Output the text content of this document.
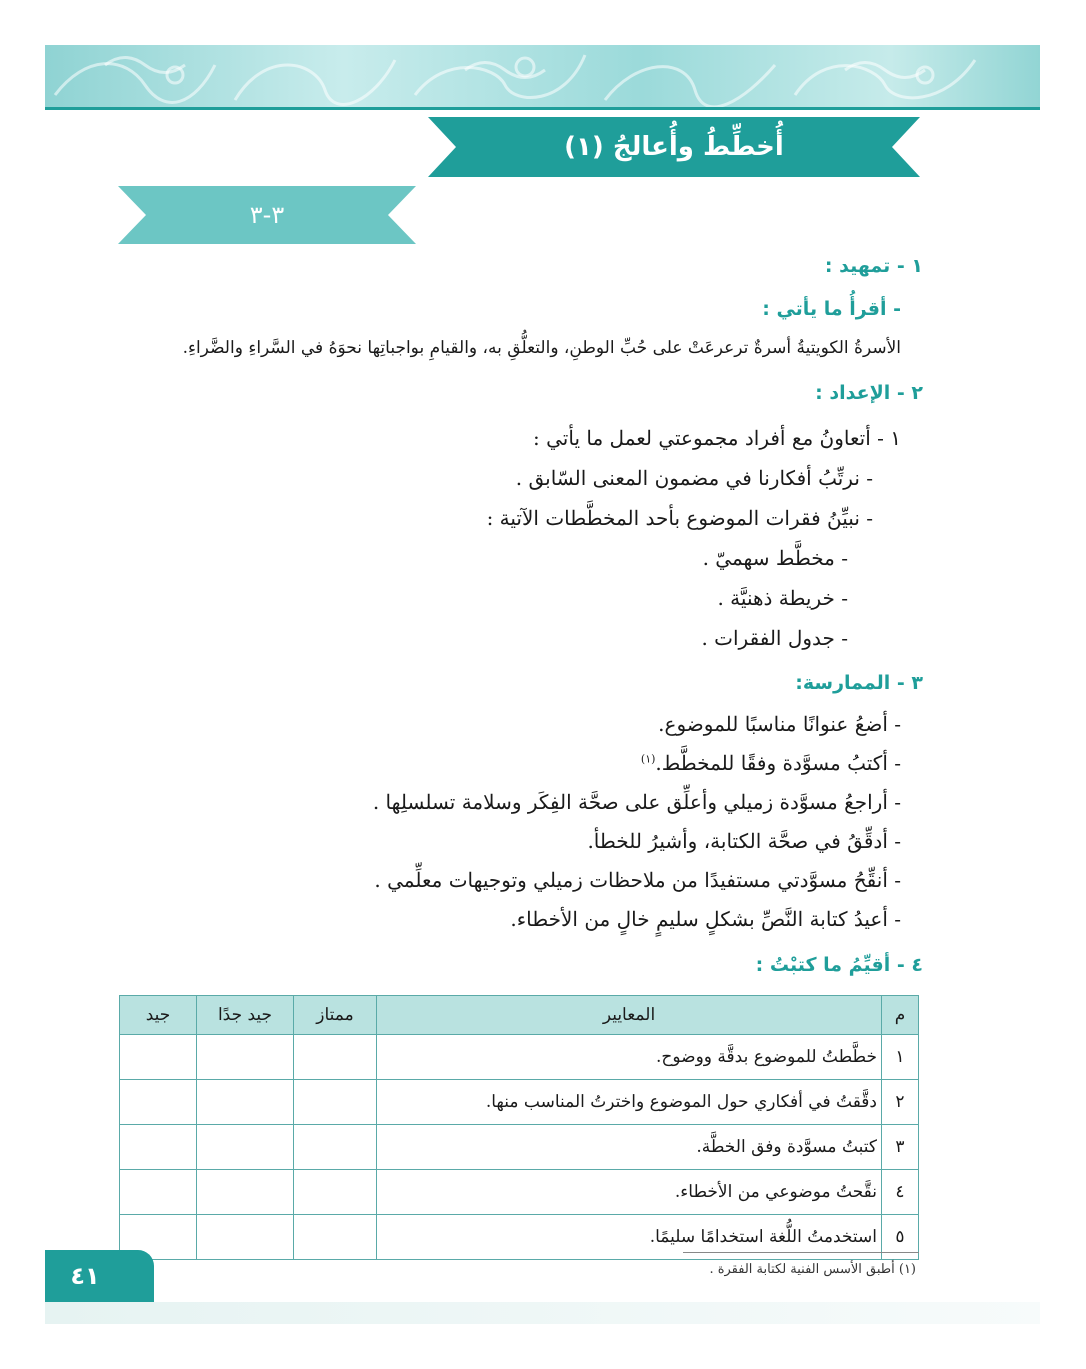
أُخطِّطُ وأُعالجُ (١)
٣-٣
١ - تمهيد :
- أقرأُ ما يأتي :
الأسرةُ الكويتيةُ أسرةٌ ترعرعَتْ على حُبِّ الوطنِ، والتعلُّقِ به، والقيامِ بواجباتِها نحوَهُ في السَّراءِ والضَّراءِ.
٢ - الإعداد :
١ - أتعاونُ مع أفراد مجموعتي لعمل ما يأتي :
- نرتِّبُ أفكارنا في مضمون المعنى السّابق .
- نبيِّنُ فقرات الموضوع بأحد المخطَّطات الآتية :
- مخطَّط سهميّ .
- خريطة ذهنيَّة .
- جدول الفقرات .
٣ - الممارسة:
- أضعُ عنوانًا مناسبًا للموضوع.
- أكتبُ مسوَّدة وفقًا للمخطَّط.$^{(١)}$
- أراجعُ مسوَّدة زميلي وأعلِّق على صحَّة الفِكَر وسلامة تسلسلِها .
- أدقِّقُ في صحَّة الكتابة، وأشيرُ للخطأ.
- أنقِّحُ مسوَّدتي مستفيدًا من ملاحظات زميلي وتوجيهات معلِّمي .
- أعيدُ كتابة النَّصِّ بشكلٍ سليمٍ خالٍ من الأخطاء.
٤ - أقيِّمُ ما كتبْتُ :
م	المعايير	ممتاز	جيد جدًا	جيد
١	خطَّطتُ للموضوع بدقَّة ووضوح.			
٢	دقَّقتُ في أفكاري حول الموضوع واخترتُ المناسب منها.			
٣	كتبتُ مسوَّدة وفق الخطَّة.			
٤	نقَّحتُ موضوعي من الأخطاء.			
٥	استخدمتُ اللُّغة استخدامًا سليمًا.			
(١) أطبق الأسس الفنية لكتابة الفقرة .
٤١
